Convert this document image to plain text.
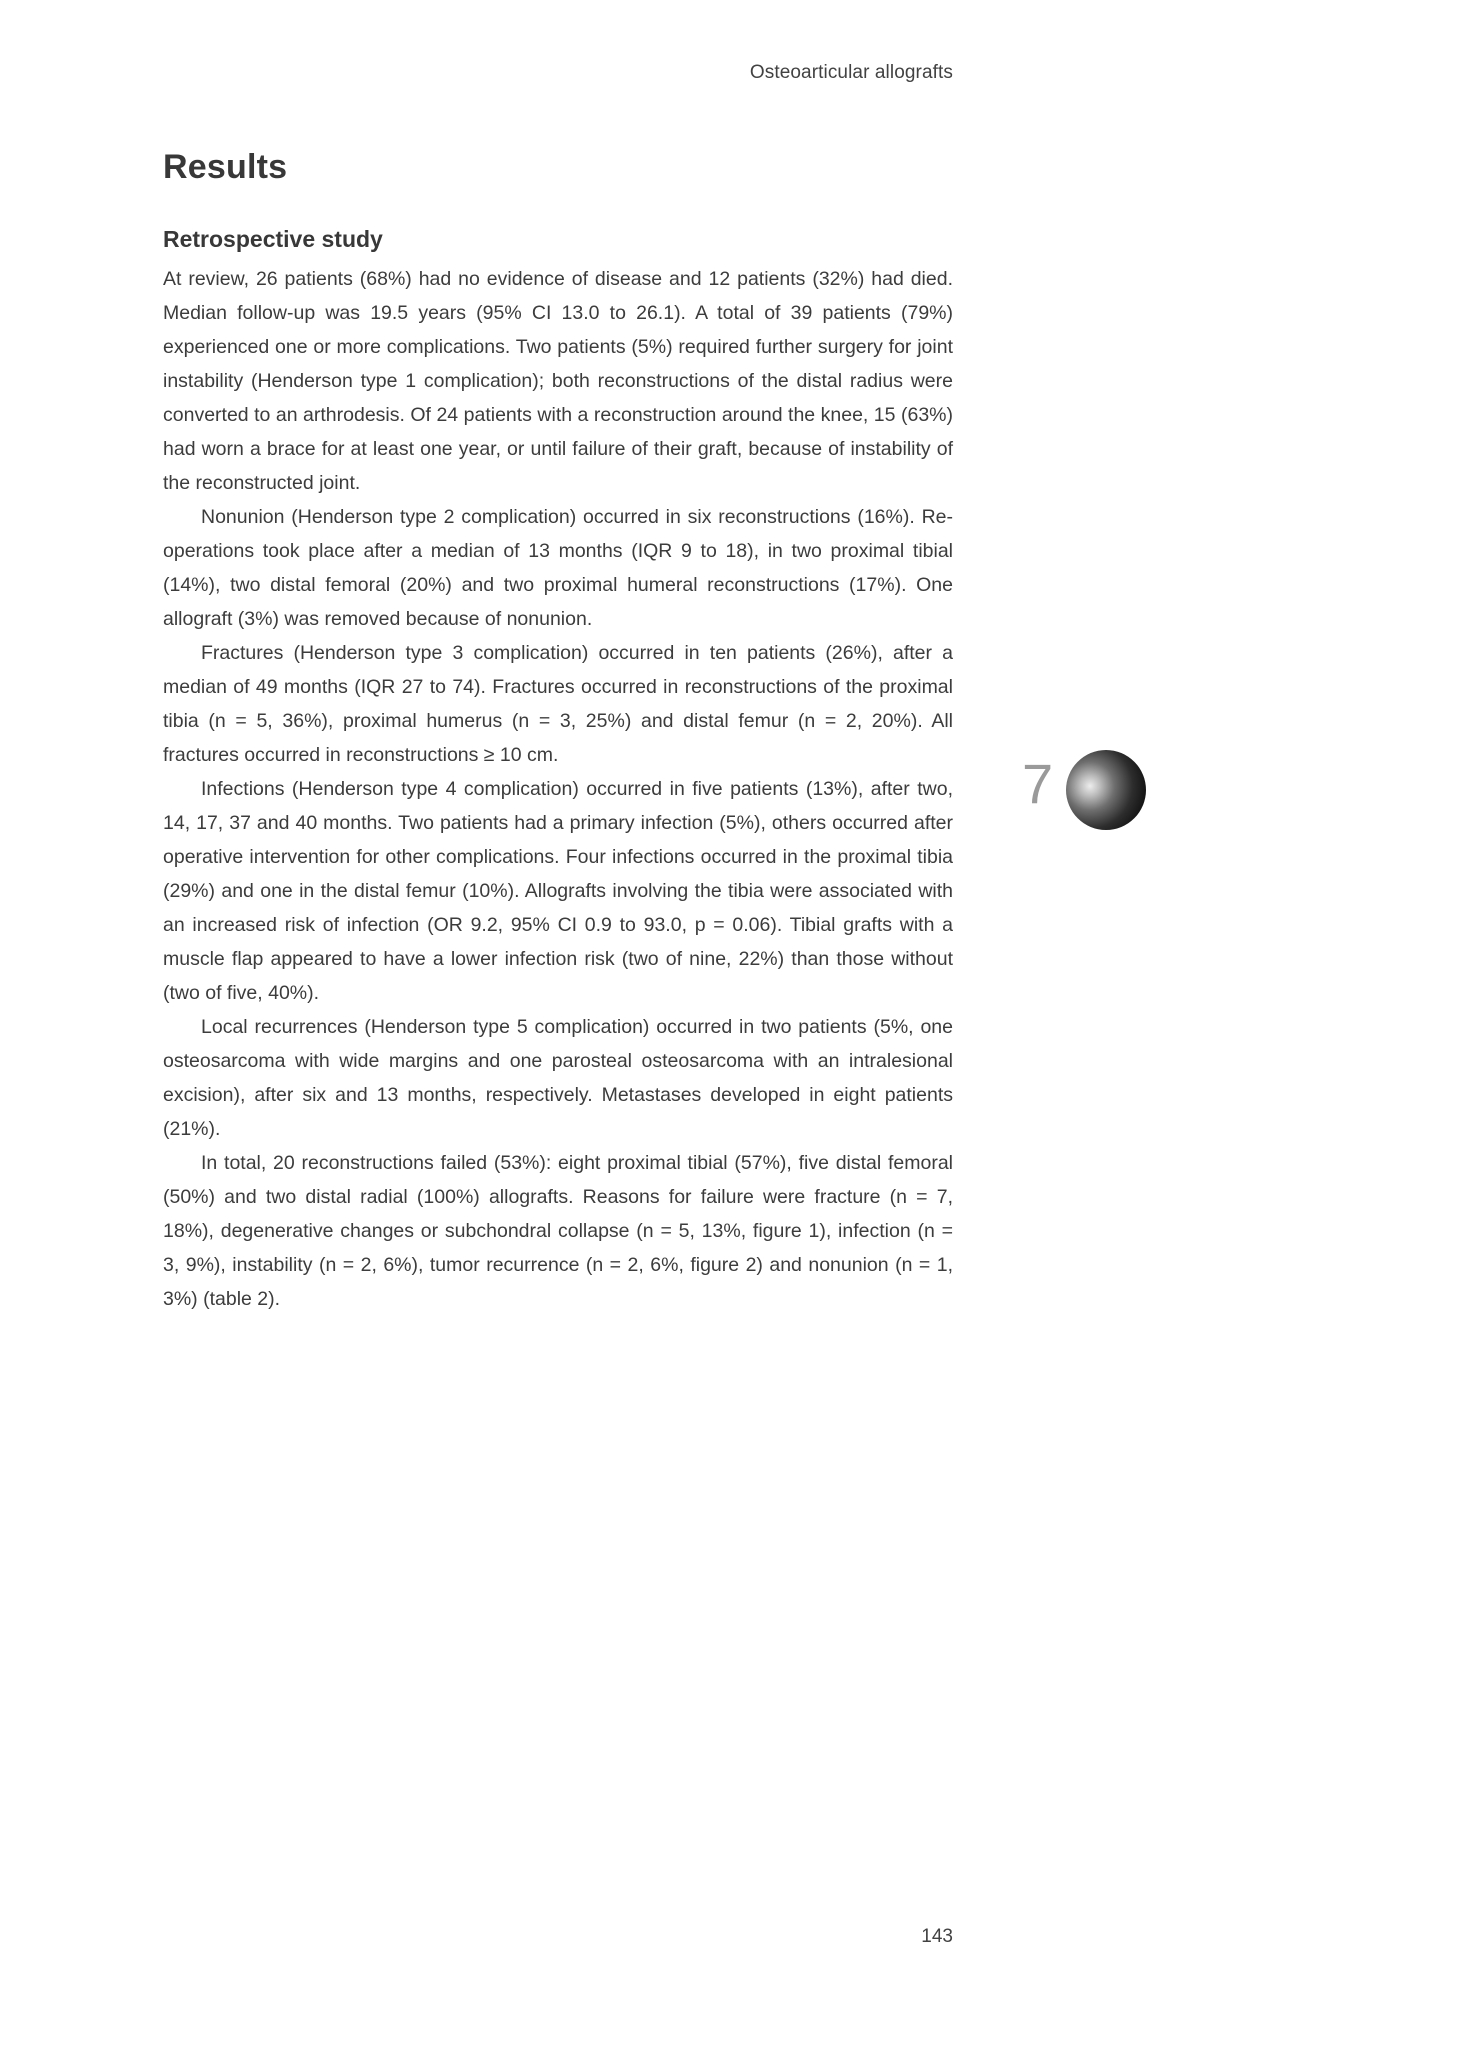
Osteoarticular allografts
Results
Retrospective study

At review, 26 patients (68%) had no evidence of disease and 12 patients (32%) had died. Median follow-up was 19.5 years (95% CI 13.0 to 26.1). A total of 39 patients (79%) experienced one or more complications. Two patients (5%) required further surgery for joint instability (Henderson type 1 complication); both reconstructions of the distal radius were converted to an arthrodesis. Of 24 patients with a reconstruction around the knee, 15 (63%) had worn a brace for at least one year, or until failure of their graft, because of instability of the reconstructed joint.

Nonunion (Henderson type 2 complication) occurred in six reconstructions (16%). Re-operations took place after a median of 13 months (IQR 9 to 18), in two proximal tibial (14%), two distal femoral (20%) and two proximal humeral reconstructions (17%). One allograft (3%) was removed because of nonunion.

Fractures (Henderson type 3 complication) occurred in ten patients (26%), after a median of 49 months (IQR 27 to 74). Fractures occurred in reconstructions of the proximal tibia (n = 5, 36%), proximal humerus (n = 3, 25%) and distal femur (n = 2, 20%). All fractures occurred in reconstructions ≥ 10 cm.

Infections (Henderson type 4 complication) occurred in five patients (13%), after two, 14, 17, 37 and 40 months. Two patients had a primary infection (5%), others occurred after operative intervention for other complications. Four infections occurred in the proximal tibia (29%) and one in the distal femur (10%). Allografts involving the tibia were associated with an increased risk of infection (OR 9.2, 95% CI 0.9 to 93.0, p = 0.06). Tibial grafts with a muscle flap appeared to have a lower infection risk (two of nine, 22%) than those without (two of five, 40%).

Local recurrences (Henderson type 5 complication) occurred in two patients (5%, one osteosarcoma with wide margins and one parosteal osteosarcoma with an intralesional excision), after six and 13 months, respectively. Metastases developed in eight patients (21%).

In total, 20 reconstructions failed (53%): eight proximal tibial (57%), five distal femoral (50%) and two distal radial (100%) allografts. Reasons for failure were fracture (n = 7, 18%), degenerative changes or subchondral collapse (n = 5, 13%, figure 1), infection (n = 3, 9%), instability (n = 2, 6%), tumor recurrence (n = 2, 6%, figure 2) and nonunion (n = 1, 3%) (table 2).

7
143
